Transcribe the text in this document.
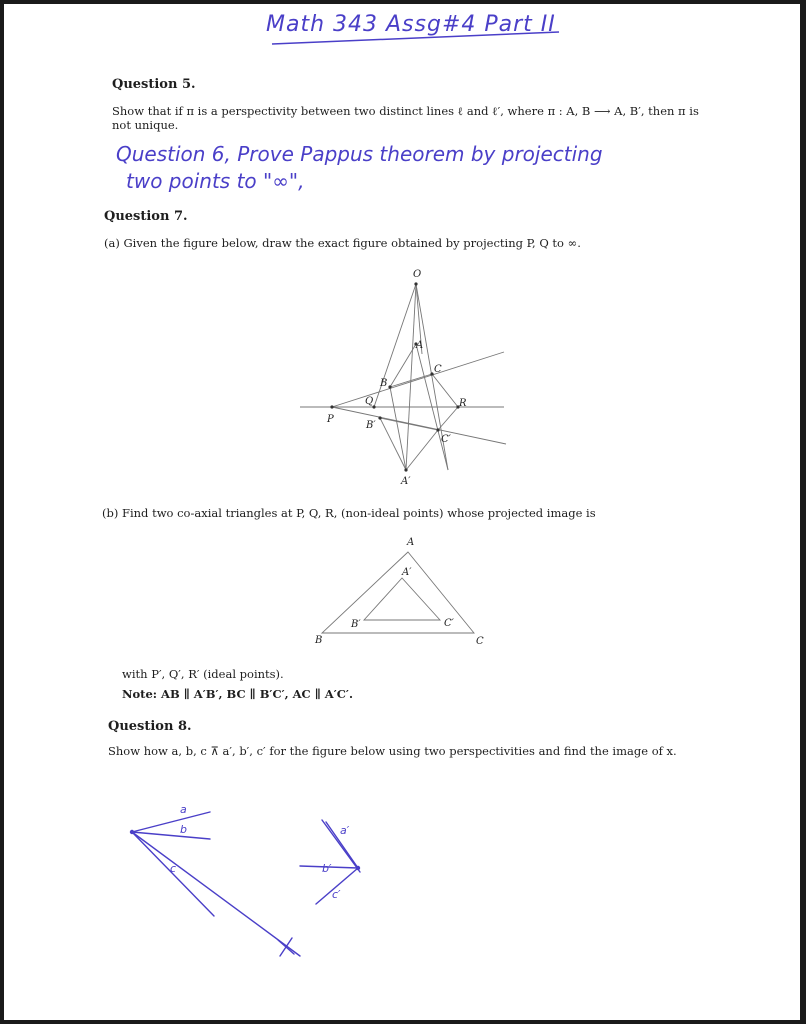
Math 343 Assg#4 Part II
Question 5.
Show that if π is a perspectivity between two distinct lines ℓ and ℓ′, where π : A, B ⟶ A, B′, then π is
not unique.
Question 6, Prove Pappus theorem by projecting
two points to "∞",
Question 7.
(a) Given the figure below, draw the exact figure obtained by projecting P, Q to ∞.
O
A
B
C
Q	R
P
B′
C′
A′
(b) Find two co-axial triangles at P, Q, R, (non-ideal points) whose projected image is
A
A′
B′	C′
B	C
with P′, Q′, R′ (ideal points).
Note: AB ∥ A′B′, BC ∥ B′C′, AC ∥ A′C′.
Question 8.
Show how a, b, c ⊼ a′, b′, c′ for the figure below using two perspectivities and find the image of x.
a
b
c
a′
b′
c′
